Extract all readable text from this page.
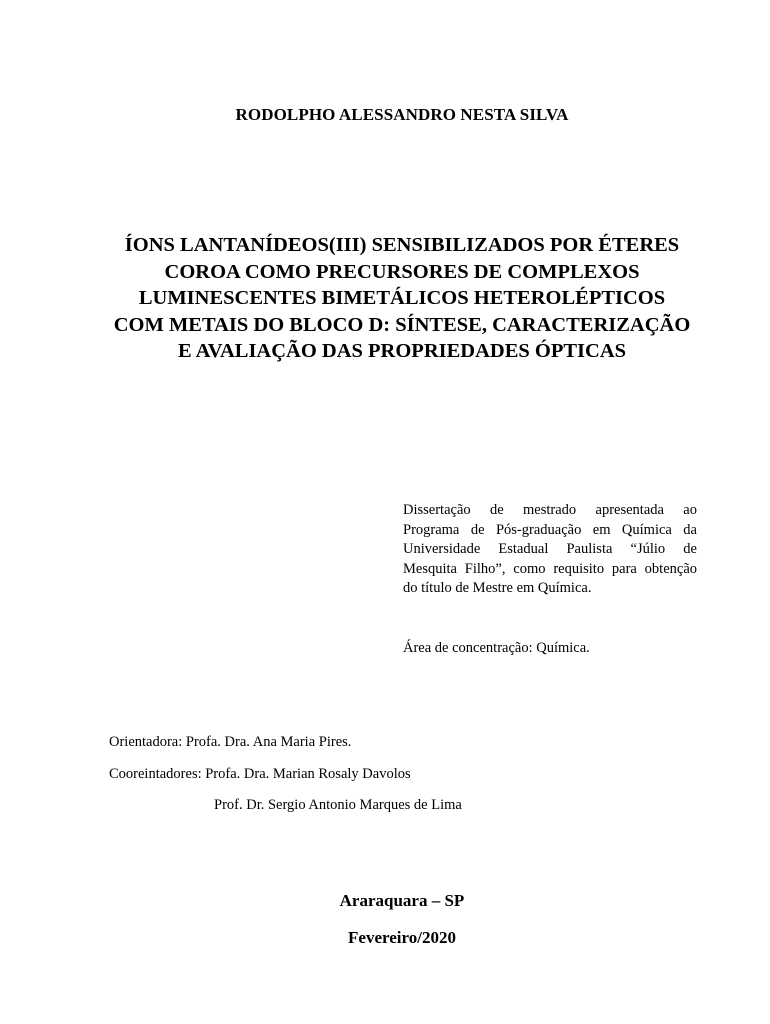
RODOLPHO ALESSANDRO NESTA SILVA
ÍONS LANTANÍDEOS(III) SENSIBILIZADOS POR ÉTERES
COROA COMO PRECURSORES DE COMPLEXOS
LUMINESCENTES BIMETÁLICOS HETEROLÉPTICOS
COM METAIS DO BLOCO D: SÍNTESE, CARACTERIZAÇÃO
E AVALIAÇÃO DAS PROPRIEDADES ÓPTICAS
Dissertação de mestrado apresentada ao
Programa de Pós-graduação em Química da
Universidade Estadual Paulista “Júlio de
Mesquita Filho”, como requisito para obtenção
do título de Mestre em Química.
Área de concentração: Química.
Orientadora: Profa. Dra. Ana Maria Pires.
Cooreintadores: Profa. Dra. Marian Rosaly Davolos
Prof. Dr. Sergio Antonio Marques de Lima
Araraquara – SP
Fevereiro/2020
